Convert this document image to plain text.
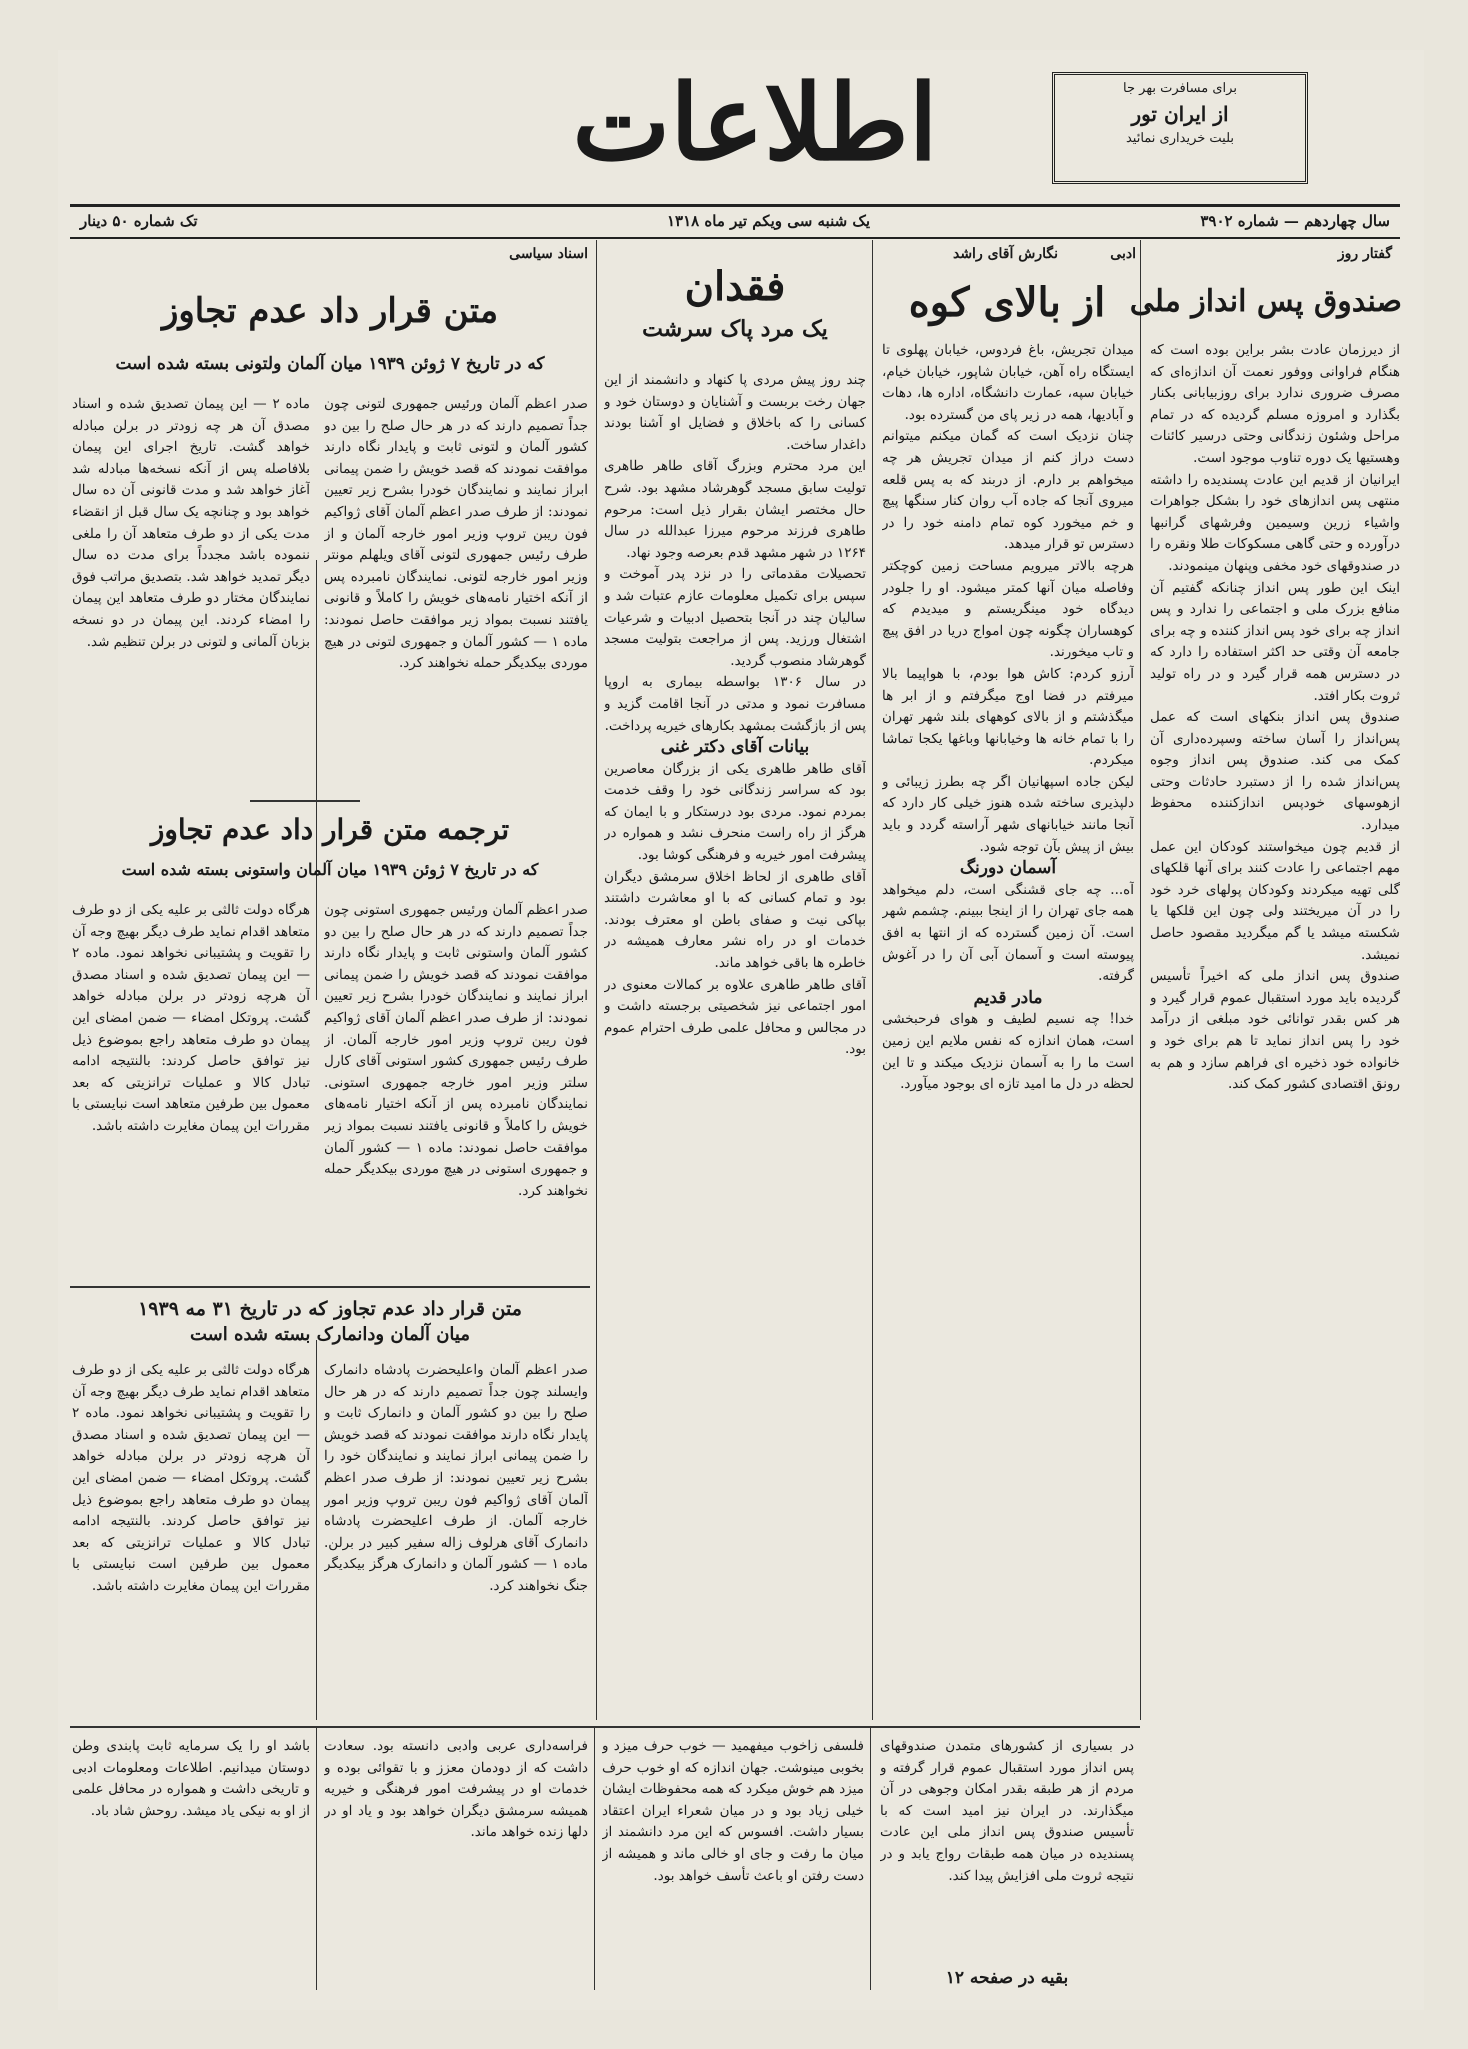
برای مسافرت بهر جا
از ایران تور
بلیت خریداری نمائید
اطلاعات
سال چهاردهم — شماره ۳۹۰۲
یک شنبه سی ویکم تیر ماه ۱۳۱۸
تک شماره ۵۰ دینار
گفتار روز
صندوق پس انداز ملی

از دیرزمان عادت بشر براین بوده است که هنگام فراوانی ووفور نعمت آن اندازه‌ای که مصرف ضروری ندارد برای روزبیابانی بکنار بگذارد و امروزه مسلم گردیده که در تمام مراحل وشئون زندگانی وحتی درسیر کائنات وهستیها یک دوره تناوب موجود است.

ایرانیان از قدیم این عادت پسندیده را داشته منتهی پس اندازهای خود را بشکل جواهرات واشیاء زرین وسیمین وفرشهای گرانبها درآورده و حتی گاهی مسکوکات طلا ونقره را در صندوقهای خود مخفی وپنهان مینمودند.

اینک این طور پس انداز چنانکه گفتیم آن منافع بزرک ملی و اجتماعی را ندارد و پس انداز چه برای خود پس انداز کننده و چه برای جامعه آن وقتی حد اکثر استفاده را دارد که در دسترس همه قرار گیرد و در راه تولید ثروت بکار افتد.

صندوق پس انداز بنکهای است که عمل پس‌انداز را آسان ساخته وسپرده‌داری آن کمک می کند. صندوق پس انداز وجوه پس‌انداز شده را از دستبرد حادثات وحتی ازهوسهای خودپس اندازکننده محفوظ میدارد.

از قدیم چون میخواستند کودکان این عمل مهم اجتماعی را عادت کنند برای آنها قلکهای گلی تهیه میکردند وکودکان پولهای خرد خود را در آن میریختند ولی چون این قلکها یا شکسته میشد یا گم میگردید مقصود حاصل نمیشد.

صندوق پس انداز ملی که اخیراً تأسیس گردیده باید مورد استقبال عموم قرار گیرد و هر کس بقدر توانائی خود مبلغی از درآمد خود را پس انداز نماید تا هم برای خود و خانواده خود ذخیره ای فراهم سازد و هم به رونق اقتصادی کشور کمک کند.

ادبی
نگارش آقای راشد
از بالای کوه

میدان تجریش، باغ فردوس، خیابان پهلوی تا ایستگاه راه آهن، خیابان شاپور، خیابان خیام، خیابان سپه، عمارت دانشگاه، اداره ها، دهات و آبادیها، همه در زیر پای من گسترده بود.

چنان نزدیک است که گمان میکنم میتوانم دست دراز کنم از میدان تجریش هر چه میخواهم بر دارم. از دربند که به پس قلعه میروی آنجا که جاده آب روان کنار سنگها پیچ و خم میخورد کوه تمام دامنه خود را در دسترس تو قرار میدهد.

هرچه بالاتر میرویم مساحت زمین کوچکتر وفاصله میان آنها کمتر میشود. او را جلودر دیدگاه خود مینگریستم و میدیدم که کوهساران چگونه چون امواج دریا در افق پیچ و تاب میخورند.

آرزو کردم: کاش هوا بودم، با هواپیما بالا میرفتم در فضا اوج میگرفتم و از ابر ها میگذشتم و از بالای کوههای بلند شهر تهران را با تمام خانه ها وخیابانها وباغها یکجا تماشا میکردم.

لیکن جاده اسپهانیان اگر چه بطرز زیبائی و دلپذیری ساخته شده هنوز خیلی کار دارد که آنجا مانند خیابانهای شهر آراسته گردد و باید بیش از پیش بآن توجه شود.

آسمان دورنگ

آه... چه جای قشنگی است، دلم میخواهد همه جای تهران را از اینجا ببینم. چشمم شهر است. آن زمین گسترده که از انتها به افق پیوسته است و آسمان آبی آن را در آغوش گرفته.

مادر قدیم

خدا! چه نسیم لطیف و هوای فرحبخشی است، همان اندازه که نفس ملایم این زمین است ما را به آسمان نزدیک میکند و تا این لحظه در دل ما امید تازه ای بوجود میآورد.

فقدان
یک مرد پاک سرشت

چند روز پیش مردی پا کنهاد و دانشمند از این جهان رخت بربست و آشنایان و دوستان خود و کسانی را که باخلاق و فضایل او آشنا بودند داغدار ساخت.

این مرد محترم وبزرگ آقای طاهر طاهری تولیت سابق مسجد گوهرشاد مشهد بود. شرح حال مختصر ایشان بقرار ذیل است: مرحوم طاهری فرزند مرحوم میرزا عبدالله در سال ۱۲۶۴ در شهر مشهد قدم بعرصه وجود نهاد.

تحصیلات مقدماتی را در نزد پدر آموخت و سپس برای تکمیل معلومات عازم عتبات شد و سالیان چند در آنجا بتحصیل ادبیات و شرعیات اشتغال ورزید. پس از مراجعت بتولیت مسجد گوهرشاد منصوب گردید.

در سال ۱۳۰۶ بواسطه بیماری به اروپا مسافرت نمود و مدتی در آنجا اقامت گزید و پس از بازگشت بمشهد بکارهای خیریه پرداخت.

بیانات آقای دکتر غنی

آقای طاهر طاهری یکی از بزرگان معاصرین بود که سراسر زندگانی خود را وقف خدمت بمردم نمود. مردی بود درستکار و با ایمان که هرگز از راه راست منحرف نشد و همواره در پیشرفت امور خیریه و فرهنگی کوشا بود.

آقای طاهری از لحاظ اخلاق سرمشق دیگران بود و تمام کسانی که با او معاشرت داشتند بپاکی نیت و صفای باطن او معترف بودند. خدمات او در راه نشر معارف همیشه در خاطره ها باقی خواهد ماند.

آقای طاهر طاهری علاوه بر کمالات معنوی در امور اجتماعی نیز شخصیتی برجسته داشت و در مجالس و محافل علمی طرف احترام عموم بود.

اسناد سیاسی
متن قرار داد عدم تجاوز
که در تاریخ ۷ ژوئن ۱۹۳۹ میان آلمان ولتونی بسته شده است
صدر اعظم آلمان ورئیس جمهوری لتونی چون جداً تصمیم دارند که در هر حال صلح را بین دو کشور آلمان و لتونی ثابت و پایدار نگاه دارند موافقت نمودند که قصد خویش را ضمن پیمانی ابراز نمایند و نمایندگان خودرا بشرح زیر تعیین نمودند: از طرف صدر اعظم آلمان آقای ژواکیم فون ریبن تروپ وزیر امور خارجه آلمان و از طرف رئیس جمهوری لتونی آقای ویلهلم مونتر وزیر امور خارجه لتونی. نمایندگان نامبرده پس از آنکه اختیار نامه‌های خویش را کاملاً و قانونی یافتند نسبت بمواد زیر موافقت حاصل نمودند: ماده ۱ — کشور آلمان و جمهوری لتونی در هیچ موردی بیکدیگر حمله نخواهند کرد.
ماده ۲ — این پیمان تصدیق شده و اسناد مصدق آن هر چه زودتر در برلن مبادله خواهد گشت. تاریخ اجرای این پیمان بلافاصله پس از آنکه نسخه‌ها مبادله شد آغاز خواهد شد و مدت قانونی آن ده سال خواهد بود و چنانچه یک سال قبل از انقضاء مدت یکی از دو طرف متعاهد آن را ملغی ننموده باشد مجدداً برای مدت ده سال دیگر تمدید خواهد شد. بتصدیق مراتب فوق نمایندگان مختار دو طرف متعاهد این پیمان را امضاء کردند. این پیمان در دو نسخه بزبان آلمانی و لتونی در برلن تنظیم شد.
ترجمه متن قرار داد عدم تجاوز
که در تاریخ ۷ ژوئن ۱۹۳۹ میان آلمان واستونی بسته شده است
صدر اعظم آلمان ورئیس جمهوری استونی چون جداً تصمیم دارند که در هر حال صلح را بین دو کشور آلمان واستونی ثابت و پایدار نگاه دارند موافقت نمودند که قصد خویش را ضمن پیمانی ابراز نمایند و نمایندگان خودرا بشرح زیر تعیین نمودند: از طرف صدر اعظم آلمان آقای ژواکیم فون ریبن تروپ وزیر امور خارجه آلمان. از طرف رئیس جمهوری کشور استونی آقای کارل سلتر وزیر امور خارجه جمهوری استونی. نمایندگان نامبرده پس از آنکه اختیار نامه‌های خویش را کاملاً و قانونی یافتند نسبت بمواد زیر موافقت حاصل نمودند: ماده ۱ — کشور آلمان و جمهوری استونی در هیچ موردی بیکدیگر حمله نخواهند کرد.
هرگاه دولت ثالثی بر علیه یکی از دو طرف متعاهد اقدام نماید طرف دیگر بهیچ وجه آن را تقویت و پشتیبانی نخواهد نمود. ماده ۲ — این پیمان تصدیق شده و اسناد مصدق آن هرچه زودتر در برلن مبادله خواهد گشت. پروتکل امضاء — ضمن امضای این پیمان دو طرف متعاهد راجع بموضوع ذیل نیز توافق حاصل کردند: بالنتیجه ادامه تبادل کالا و عملیات ترانزیتی که بعد معمول بین طرفین متعاهد است نبایستی با مقررات این پیمان مغایرت داشته باشد.
متن قرار داد عدم تجاوز که در تاریخ ۳۱ مه ۱۹۳۹
میان آلمان ودانمارک بسته شده است
صدر اعظم آلمان واعلیحضرت پادشاه دانمارک وایسلند چون جداً تصمیم دارند که در هر حال صلح را بین دو کشور آلمان و دانمارک ثابت و پایدار نگاه دارند موافقت نمودند که قصد خویش را ضمن پیمانی ابراز نمایند و نمایندگان خود را بشرح زیر تعیین نمودند: از طرف صدر اعظم آلمان آقای ژواکیم فون ریبن تروپ وزیر امور خارجه آلمان. از طرف اعلیحضرت پادشاه دانمارک آقای هرلوف زاله سفیر کبیر در برلن. ماده ۱ — کشور آلمان و دانمارک هرگز بیکدیگر جنگ نخواهند کرد.
هرگاه دولت ثالثی بر علیه یکی از دو طرف متعاهد اقدام نماید طرف دیگر بهیچ وجه آن را تقویت و پشتیبانی نخواهد نمود. ماده ۲ — این پیمان تصدیق شده و اسناد مصدق آن هرچه زودتر در برلن مبادله خواهد گشت. پروتکل امضاء — ضمن امضای این پیمان دو طرف متعاهد راجع بموضوع ذیل نیز توافق حاصل کردند. بالنتیجه ادامه تبادل کالا و عملیات ترانزیتی که بعد معمول بین طرفین است نبایستی با مقررات این پیمان مغایرت داشته باشد.
در بسیاری از کشورهای متمدن صندوقهای پس انداز مورد استقبال عموم قرار گرفته و مردم از هر طبقه بقدر امکان وجوهی در آن میگذارند. در ایران نیز امید است که با تأسیس صندوق پس انداز ملی این عادت پسندیده در میان همه طبقات رواج یابد و در نتیجه ثروت ملی افزایش پیدا کند.
فلسفی زاخوب میفهمید — خوب حرف میزد و بخوبی مینوشت. جهان اندازه که او خوب حرف میزد هم خوش میکرد که همه محفوظات ایشان خیلی زیاد بود و در میان شعراء ایران اعتقاد بسیار داشت. افسوس که این مرد دانشمند از میان ما رفت و جای او خالی ماند و همیشه از دست رفتن او باعث تأسف خواهد بود.
فراسه‌داری عربی وادبی دانسته بود. سعادت داشت که از دودمان معزز و با تقوائی بوده و خدمات او در پیشرفت امور فرهنگی و خیریه همیشه سرمشق دیگران خواهد بود و یاد او در دلها زنده خواهد ماند.
باشد او را یک سرمایه ثابت پابندی وطن دوستان میدانیم. اطلاعات ومعلومات ادبی و تاریخی داشت و همواره در محافل علمی از او به نیکی یاد میشد. روحش شاد باد.
بقیه در صفحه ۱۲
